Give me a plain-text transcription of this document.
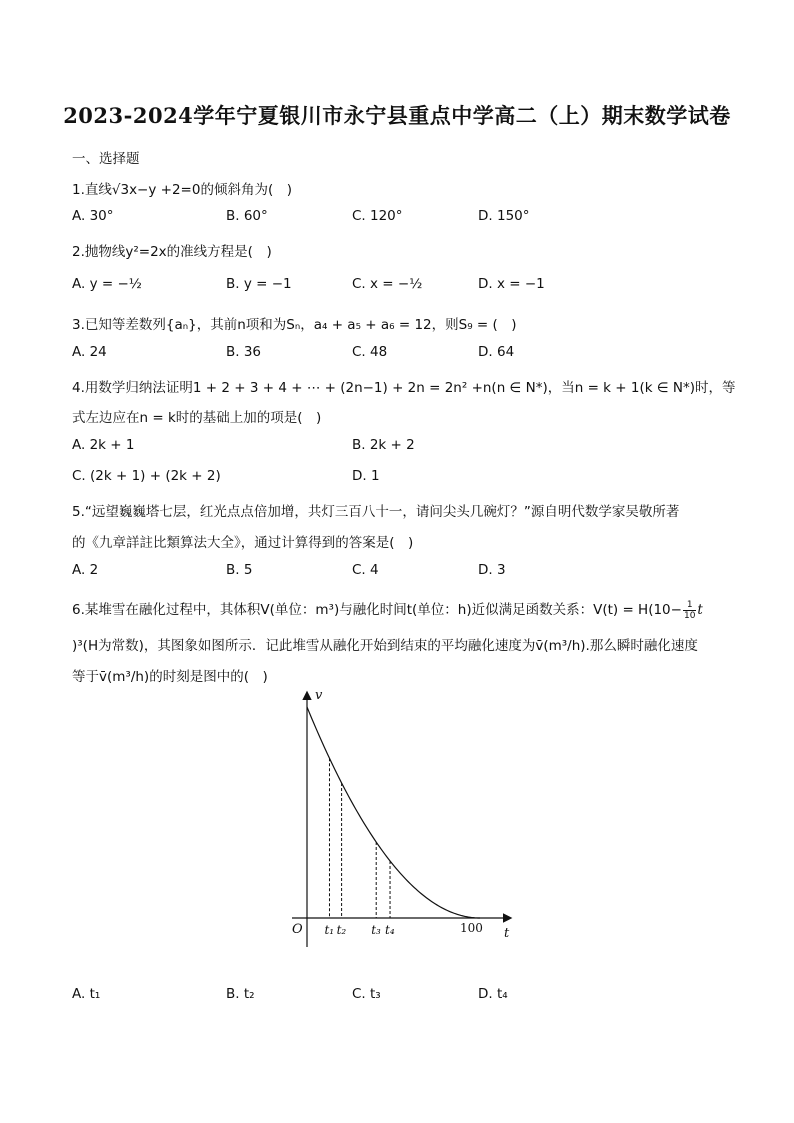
2023-2024学年宁夏银川市永宁县重点中学高二（上）期末数学试卷
一、选择题
1.直线√3x−y +2=0的倾斜角为(　)
A. 30°	B. 60°	C. 120°	D. 150°
2.抛物线y²=2x的准线方程是(　)
A. y = −½	B. y = −1	C. x = −½	D. x = −1
3.已知等差数列{aₙ}，其前n项和为Sₙ，a₄ + a₅ + a₆ = 12，则S₉ = (　)
A. 24	B. 36	C. 48	D. 64
4.用数学归纳法证明1 + 2 + 3 + 4 + ⋯ + (2n−1) + 2n = 2n² +n(n ∈ N*)，当n = k + 1(k ∈ N*)时，等
式左边应在n = k时的基础上加的项是(　)
A. 2k + 1	B. 2k + 2
C. (2k + 1) + (2k + 2)	D. 1
5.“远望巍巍塔七层，红光点点倍加增，共灯三百八十一，请问尖头几碗灯？”源自明代数学家吴敬所著
的《九章詳註比類算法大全》，通过计算得到的答案是(　)
A. 2	B. 5	C. 4	D. 3
6.某堆雪在融化过程中，其体积V(单位：m³)与融化时间t(单位：h)近似满足函数关系：$V(t) = H(10- \frac{1}{10}$ t
)³(H为常数)，其图象如图所示．记此堆雪从融化开始到结束的平均融化速度为v̄(m³/h).那么瞬时融化速度
等于v̄(m³/h)的时刻是图中的(　)
v
t
O	100
t₁ t₂ t₃ t₄
A. t₁	B. t₂	C. t₃	D. t₄
